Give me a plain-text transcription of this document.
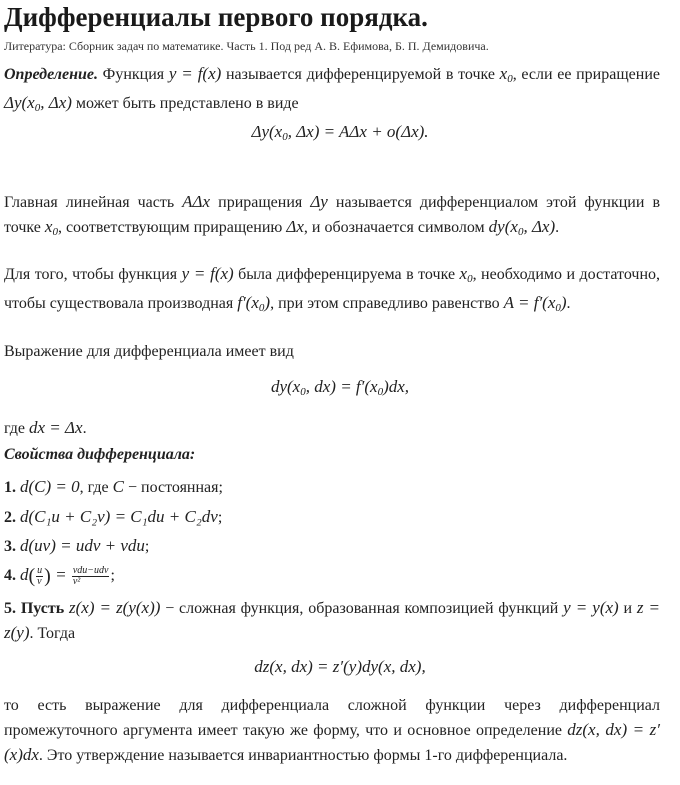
Дифференциалы первого порядка.
Литература: Сборник задач по математике. Часть 1. Под ред А. В. Ефимова, Б. П. Демидовича.
Определение. Функция y = f(x) называется дифференцируемой в точке $x_0$, если ее приращение $\Delta y(x_0$, Δx) может быть представлено в виде
$\Delta y(x_0$, Δx) = AΔx + o(Δx).
Главная линейная часть AΔx приращения Δy называется дифференциалом этой функции в точке $x_0$, соответствующим приращению Δx, и обозначается символом $dy(x_0$, Δx).
Для того, чтобы функция y = f(x) была дифференцируема в точке $x_0$, необходимо и достаточно, чтобы существовала производная $f'(x_0)$, при этом справедливо равенство $A = f'(x_0)$.
Выражение для дифференциала имеет вид
$dy(x_0$, $dx) = f'(x_0)dx$,
где dx = Δx.
Свойства дифференциала:
1. d(C) = 0, где C − постоянная;
2. d(C₁u + C₂v) = C₁du + C₂dv;
3. d(uv) = udv + vdu;
4. $d( \frac{u}{v}$ ) = $\frac{\text{vdu−udv}}{\text{v²}}$ ;
5. Пусть z(x) = z(y(x)) − сложная функция, образованная композицией функций y = y(x) и z = z(y). Тогда
dz(x, dx) = z′(y)dy(x, dx),
то есть выражение для дифференциала сложной функции через дифференциал промежуточного аргумента имеет такую же форму, что и основное определение dz(x, dx) = z′(x)dx. Это утверждение называется инвариантностью формы 1-го дифференциала.
